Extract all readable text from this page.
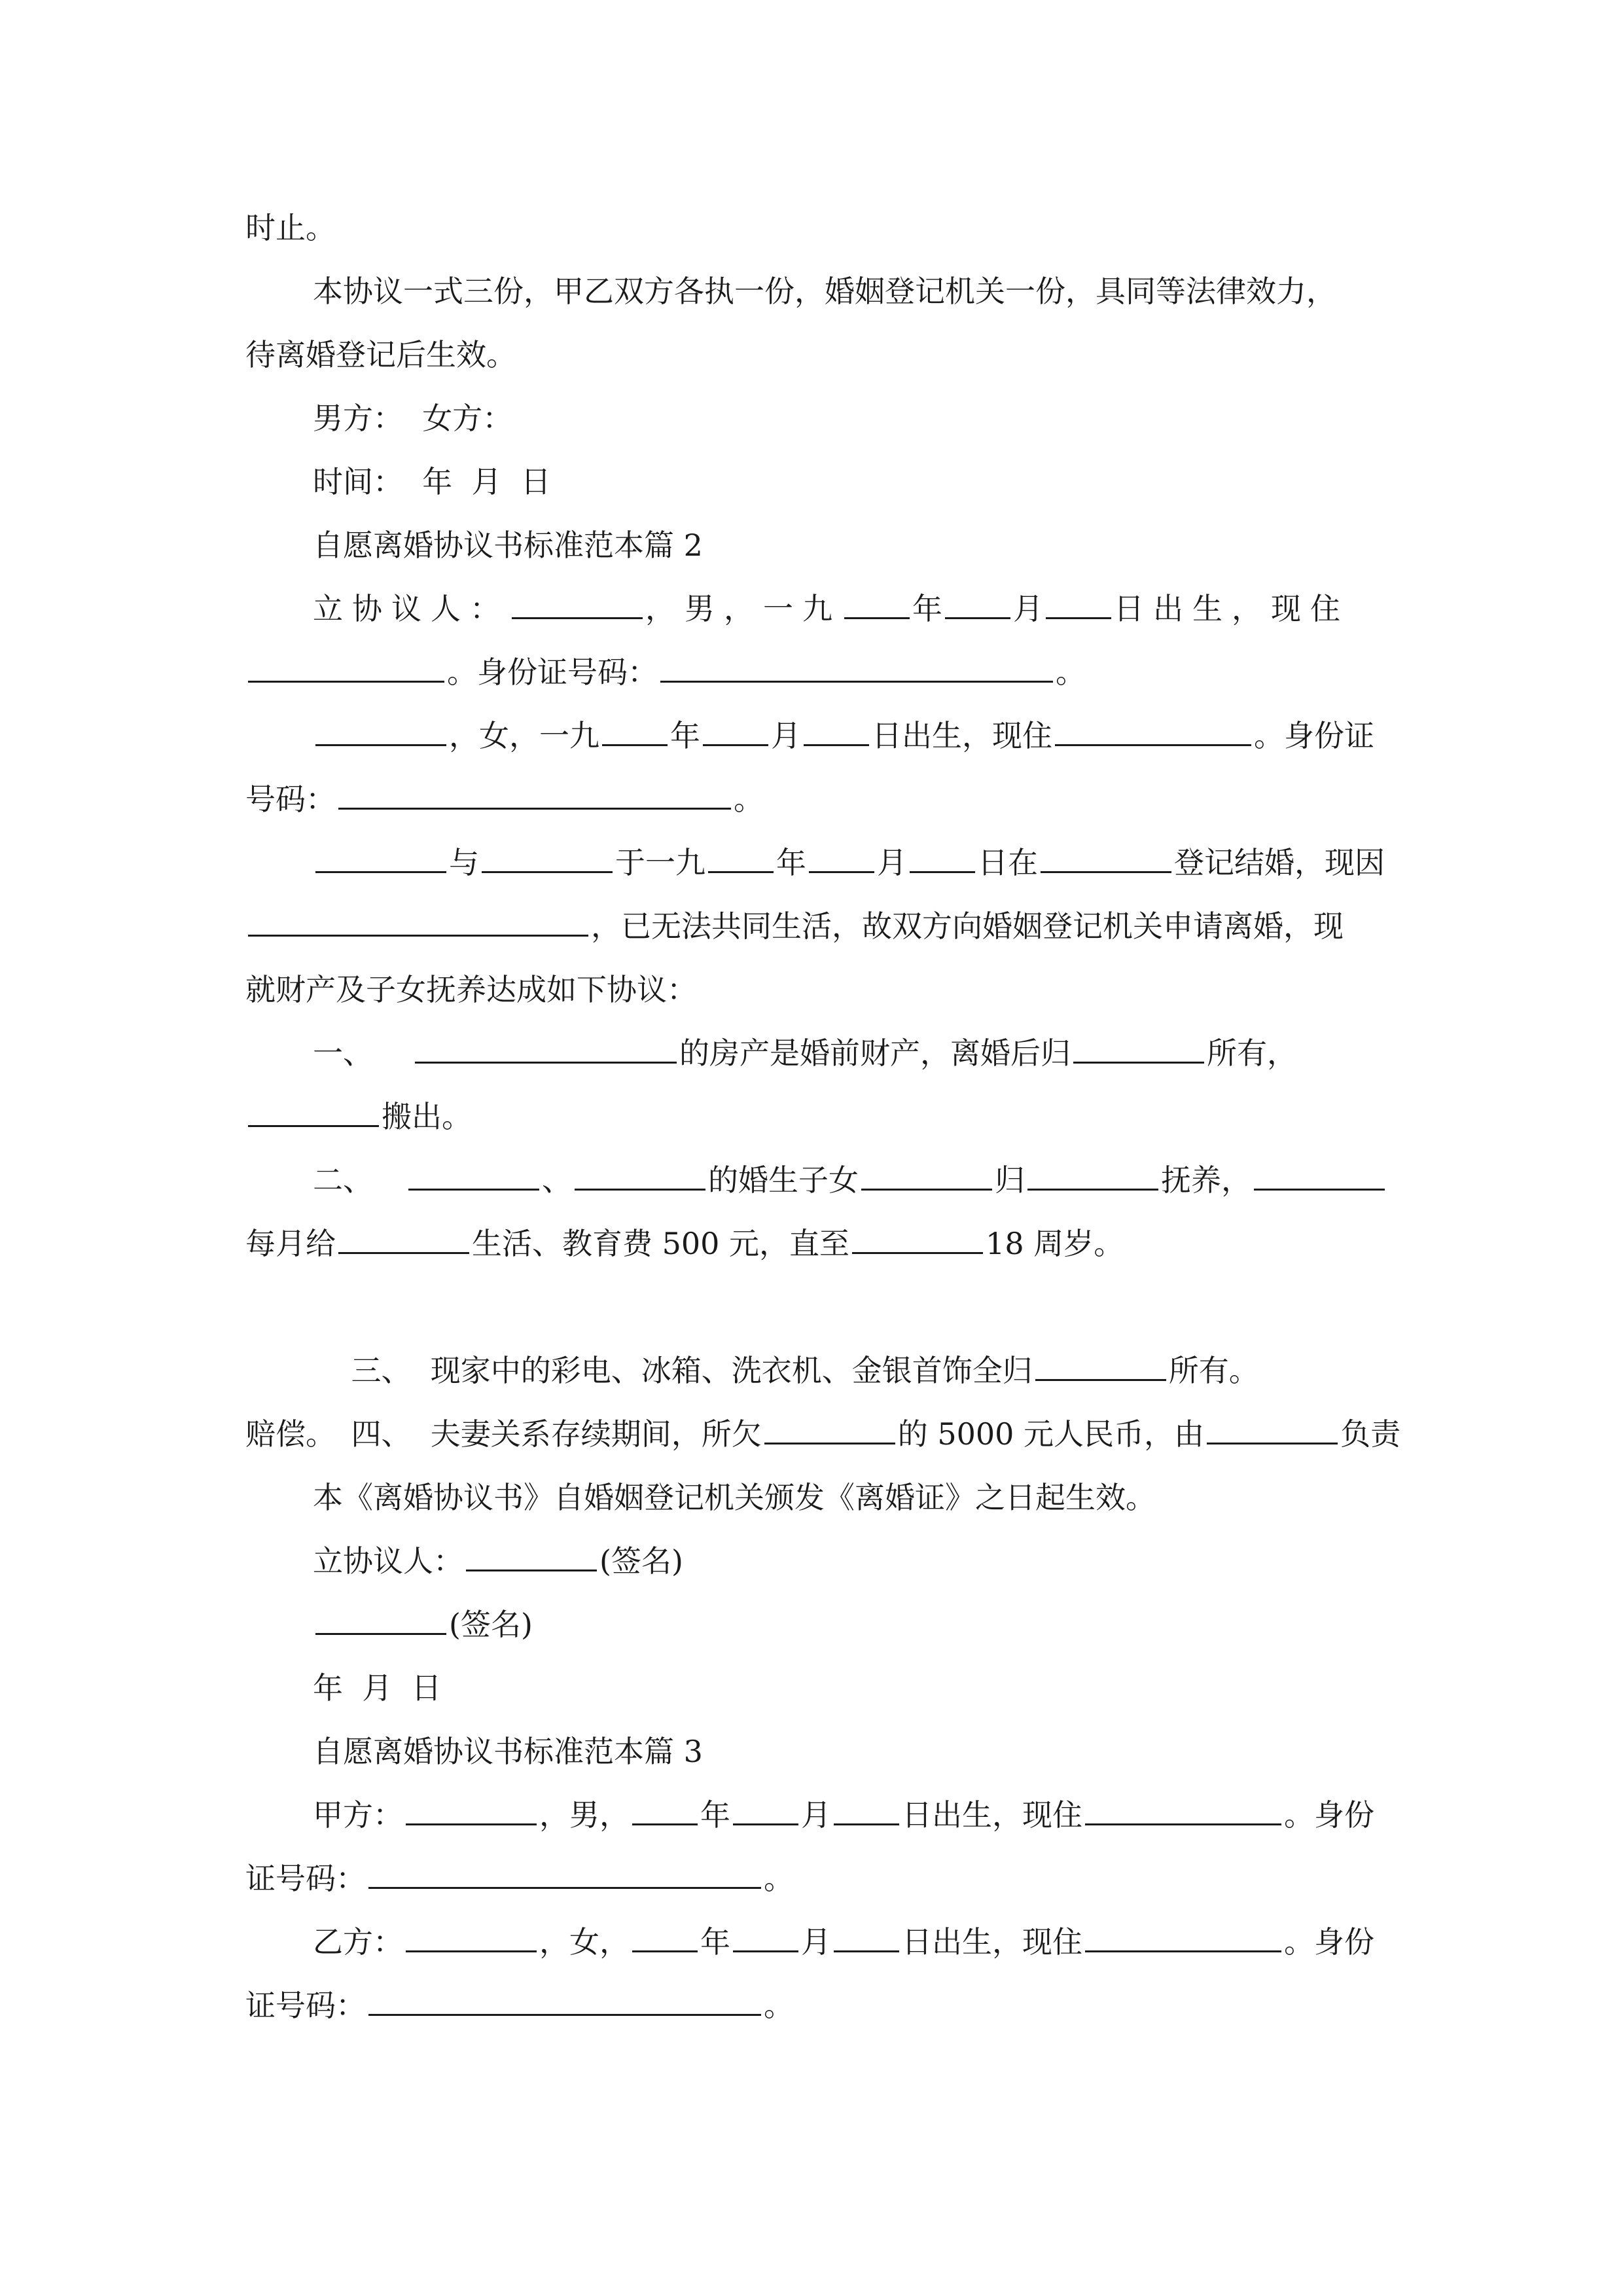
时止。

本协议一式三份，甲乙双方各执一份，婚姻登记机关一份，具同等法律效力，

待离婚登记后生效。

男方：  女方：

时间：  年  月  日

自愿离婚协议书标准范本篇 2

立协议人：	，男，一九 年 月 日出生，现住

。身份证号码：	。

，女，一九 年 月 日出生，现住	。身份证

号码：	。

与	于一九 年 月 日在	登记结婚，现因

，已无法共同生活，故双方向婚姻登记机关申请离婚，现

就财产及子女抚养达成如下协议：

一、	的房产是婚前财产，离婚后归	所有，

搬出。

二、	、	的婚生子女	归	抚养，

每月给	生活、教育费 500 元，直至	18 周岁。

三、  现家中的彩电、冰箱、洗衣机、金银首饰全归	所有。

四、  夫妻关系存续期间，所欠	的 5000 元人民币，由	负责

赔偿。

本《离婚协议书》自婚姻登记机关颁发《离婚证》之日起生效。

立协议人：	(签名)

(签名)

年  月  日

自愿离婚协议书标准范本篇 3

甲方：	，男， 年 月 日出生，现住	。身份

证号码：	。

乙方：	，女， 年 月 日出生，现住	。身份

证号码：	。
